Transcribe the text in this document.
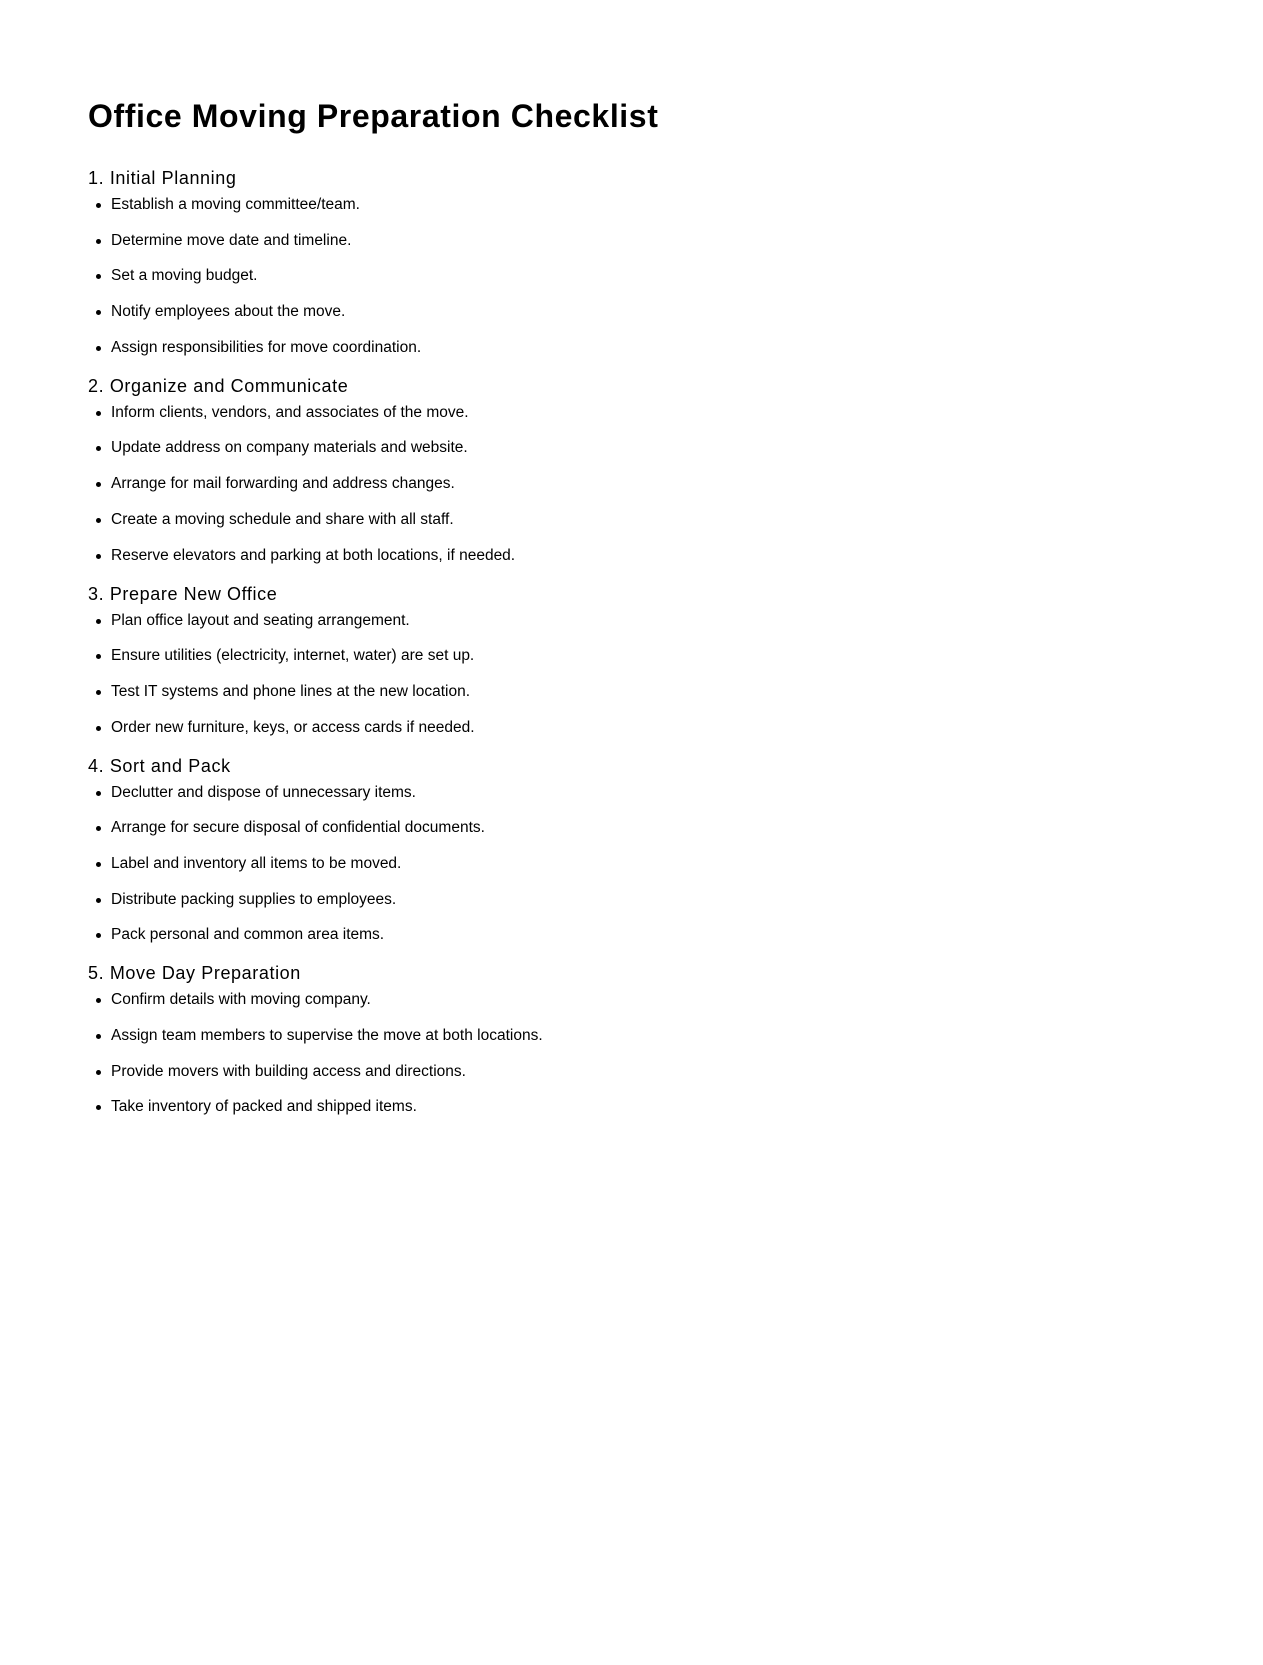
Office Moving Preparation Checklist
1. Initial Planning
Establish a moving committee/team.
Determine move date and timeline.
Set a moving budget.
Notify employees about the move.
Assign responsibilities for move coordination.
2. Organize and Communicate
Inform clients, vendors, and associates of the move.
Update address on company materials and website.
Arrange for mail forwarding and address changes.
Create a moving schedule and share with all staff.
Reserve elevators and parking at both locations, if needed.
3. Prepare New Office
Plan office layout and seating arrangement.
Ensure utilities (electricity, internet, water) are set up.
Test IT systems and phone lines at the new location.
Order new furniture, keys, or access cards if needed.
4. Sort and Pack
Declutter and dispose of unnecessary items.
Arrange for secure disposal of confidential documents.
Label and inventory all items to be moved.
Distribute packing supplies to employees.
Pack personal and common area items.
5. Move Day Preparation
Confirm details with moving company.
Assign team members to supervise the move at both locations.
Provide movers with building access and directions.
Take inventory of packed and shipped items.
